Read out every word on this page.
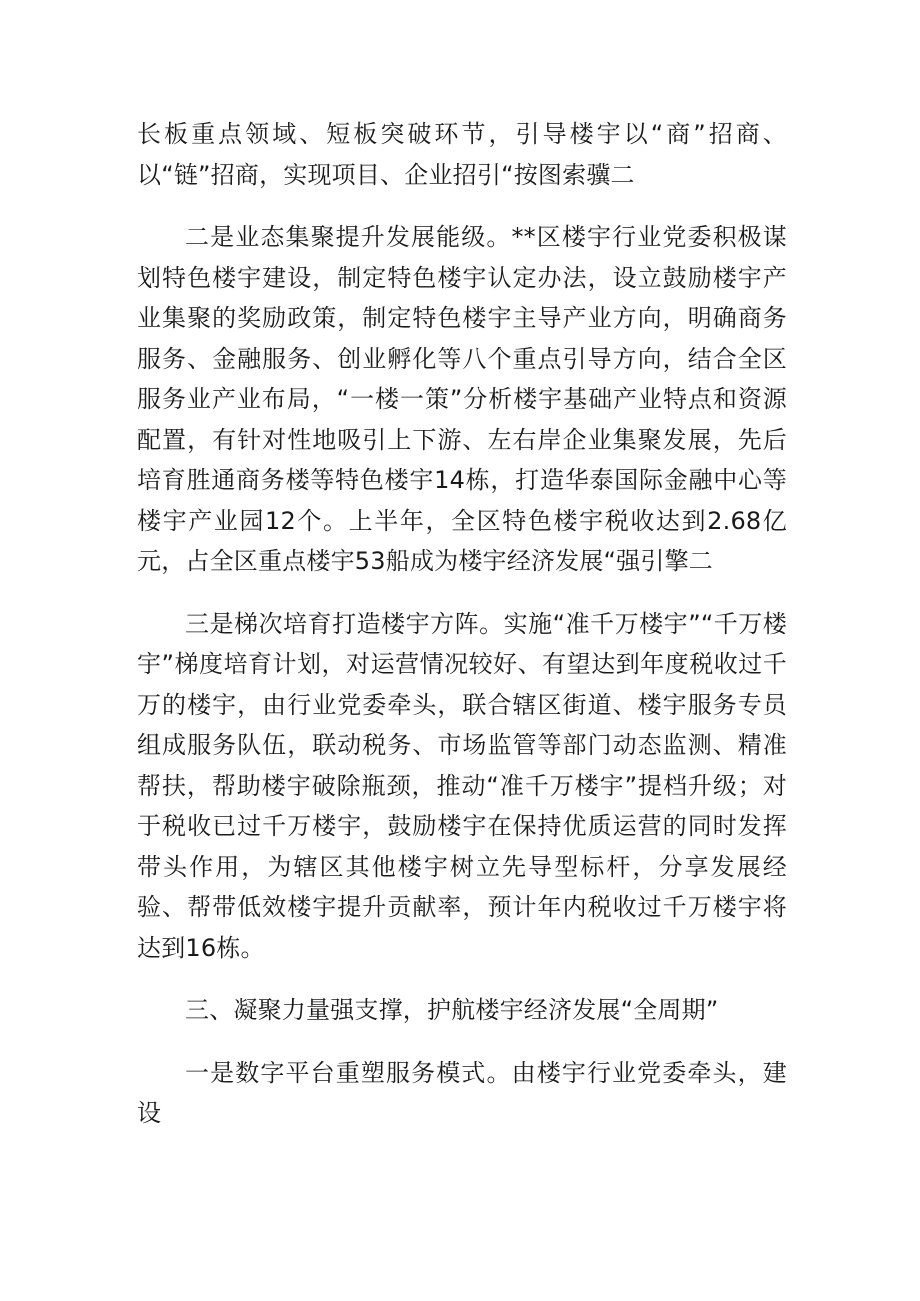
长板重点领域、短板突破环节，引导楼宇以“商”招商、以“链”招商，实现项目、企业招引“按图索骥二

二是业态集聚提升发展能级。**区楼宇行业党委积极谋划特色楼宇建设，制定特色楼宇认定办法，设立鼓励楼宇产业集聚的奖励政策，制定特色楼宇主导产业方向，明确商务服务、金融服务、创业孵化等八个重点引导方向，结合全区服务业产业布局，“一楼一策”分析楼宇基础产业特点和资源配置，有针对性地吸引上下游、左右岸企业集聚发展，先后培育胜通商务楼等特色楼宇14栋，打造华泰国际金融中心等楼宇产业园12个。上半年，全区特色楼宇税收达到2.68亿元，占全区重点楼宇53船成为楼宇经济发展“强引擎二

三是梯次培育打造楼宇方阵。实施“准千万楼宇”“千万楼宇”梯度培育计划，对运营情况较好、有望达到年度税收过千万的楼宇，由行业党委牵头，联合辖区街道、楼宇服务专员组成服务队伍，联动税务、市场监管等部门动态监测、精准帮扶，帮助楼宇破除瓶颈，推动“准千万楼宇”提档升级；对于税收已过千万楼宇，鼓励楼宇在保持优质运营的同时发挥带头作用，为辖区其他楼宇树立先导型标杆，分享发展经验、帮带低效楼宇提升贡献率，预计年内税收过千万楼宇将达到16栋。

三、凝聚力量强支撑，护航楼宇经济发展“全周期”

一是数字平台重塑服务模式。由楼宇行业党委牵头，建设
